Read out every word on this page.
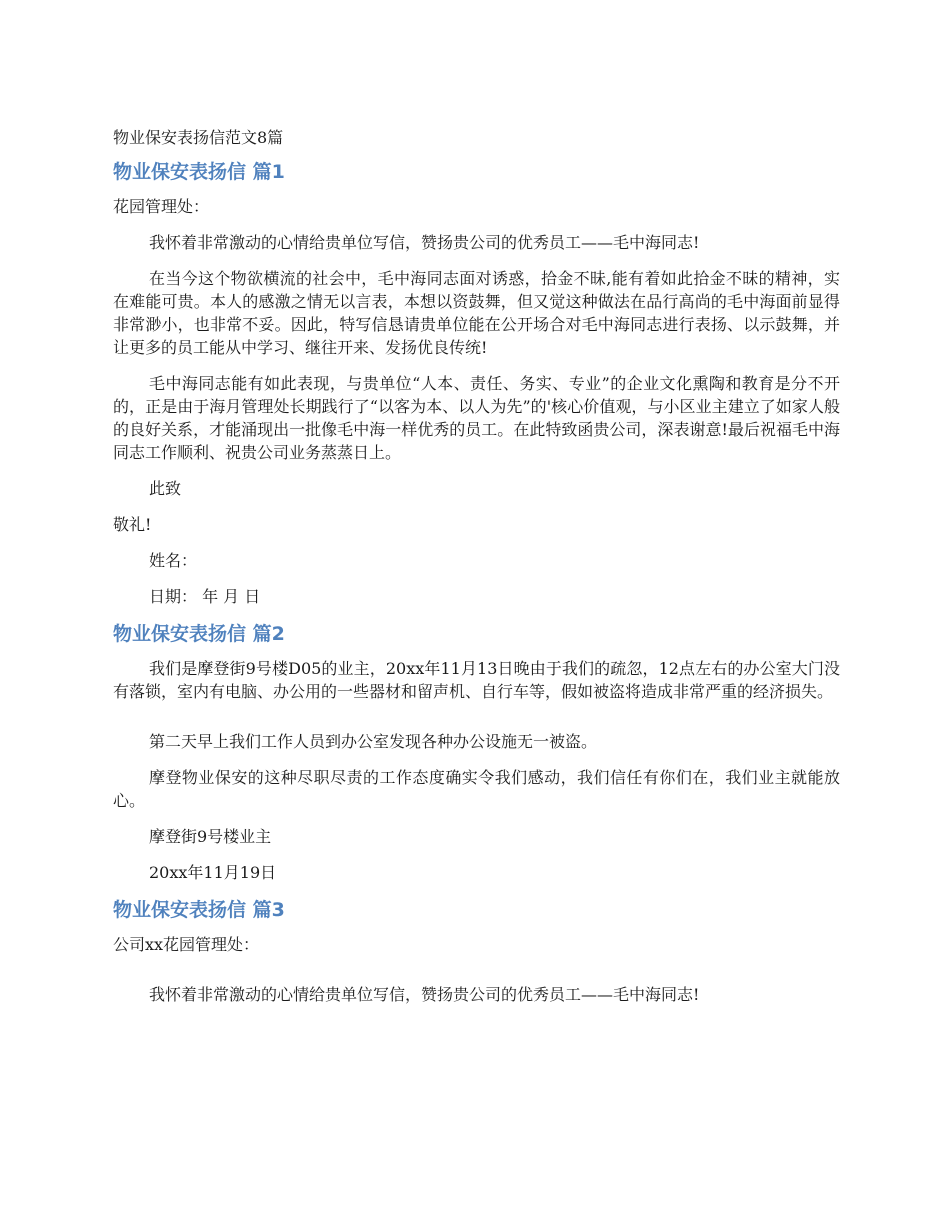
物业保安表扬信范文8篇
物业保安表扬信 篇1

花园管理处：

我怀着非常激动的心情给贵单位写信，赞扬贵公司的优秀员工——毛中海同志!

在当今这个物欲横流的社会中，毛中海同志面对诱惑，拾金不昧,能有着如此拾金不昧的精神，实在难能可贵。本人的感激之情无以言表，本想以资鼓舞，但又觉这种做法在品行高尚的毛中海面前显得非常渺小，也非常不妥。因此，特写信恳请贵单位能在公开场合对毛中海同志进行表扬、以示鼓舞，并让更多的员工能从中学习、继往开来、发扬优良传统!

毛中海同志能有如此表现，与贵单位“人本、责任、务实、专业”的企业文化熏陶和教育是分不开的，正是由于海月管理处长期践行了“以客为本、以人为先”的'核心价值观，与小区业主建立了如家人般的良好关系，才能涌现出一批像毛中海一样优秀的员工。在此特致函贵公司，深表谢意!最后祝福毛中海同志工作顺利、祝贵公司业务蒸蒸日上。

此致

敬礼!

姓名：

日期： 年 月 日

物业保安表扬信 篇2

我们是摩登街9号楼D05的业主，20xx年11月13日晚由于我们的疏忽，12点左右的办公室大门没有落锁，室内有电脑、办公用的一些器材和留声机、自行车等，假如被盗将造成非常严重的经济损失。

第二天早上我们工作人员到办公室发现各种办公设施无一被盗。

摩登物业保安的这种尽职尽责的工作态度确实令我们感动，我们信任有你们在，我们业主就能放心。

摩登街9号楼业主

20xx年11月19日

物业保安表扬信 篇3

公司xx花园管理处：

我怀着非常激动的心情给贵单位写信，赞扬贵公司的优秀员工——毛中海同志!
